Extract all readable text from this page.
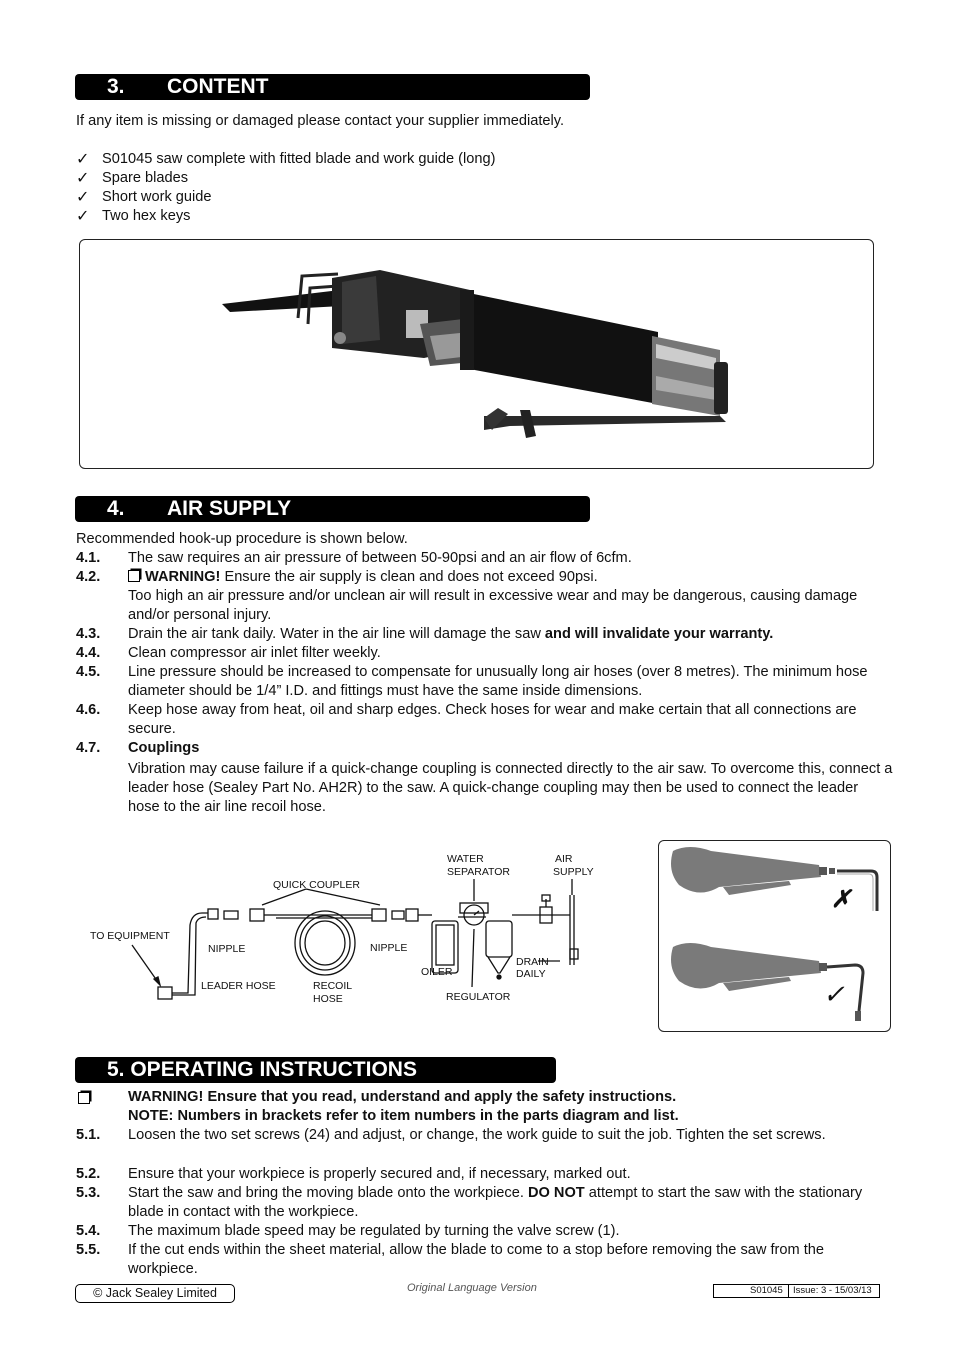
3. CONTENT
If any item is missing or damaged please contact your supplier immediately.
✓ S01045 saw complete with fitted blade and work guide (long)
✓ Spare blades
✓ Short work guide
✓ Two hex keys
4. AIR SUPPLY
Recommended hook-up procedure is shown below.
4.1. The saw requires an air pressure of between 50-90psi and an air flow of 6cfm.
4.2.	WARNING! Ensure the air supply is clean and does not exceed 90psi.
Too high an air pressure and/or unclean air will result in excessive wear and may be dangerous, causing damage and/or personal injury.
4.3. Drain the air tank daily. Water in the air line will damage the saw and will invalidate your warranty.
4.4. Clean compressor air inlet filter weekly.
4.5. Line pressure should be increased to compensate for unusually long air hoses (over 8 metres). The minimum hose diameter should be 1/4” I.D. and fittings must have the same inside dimensions.
4.6. Keep hose away from heat, oil and sharp edges. Check hoses for wear and make certain that all connections are secure.
4.7. Couplings
Vibration may cause failure if a quick-change coupling is connected directly to the air saw. To overcome this, connect a leader hose (Sealey Part No. AH2R) to the saw. A quick-change coupling may then be used to connect the leader hose to the air line recoil hose.
TO EQUIPMENT
NIPPLE
LEADER HOSE
QUICK COUPLER
RECOIL
HOSE
NIPPLE
WATER
SEPARATOR
OILER
REGULATOR
AIR
SUPPLY
DRAIN
DAILY
✗
✓
5. OPERATING INSTRUCTIONS
WARNING! Ensure that you read, understand and apply the safety instructions.
NOTE: Numbers in brackets refer to item numbers in the parts diagram and list.
5.1. Loosen the two set screws (24) and adjust, or change, the work guide to suit the job. Tighten the set screws.
5.2. Ensure that your workpiece is properly secured and, if necessary, marked out.
5.3. Start the saw and bring the moving blade onto the workpiece. DO NOT attempt to start the saw with the stationary blade in contact with the workpiece.
5.4. The maximum blade speed may be regulated by turning the valve screw (1).
5.5. If the cut ends within the sheet material, allow the blade to come to a stop before removing the saw from the workpiece.
© Jack Sealey Limited	Original Language Version	S01045 Issue: 3 - 15/03/13
